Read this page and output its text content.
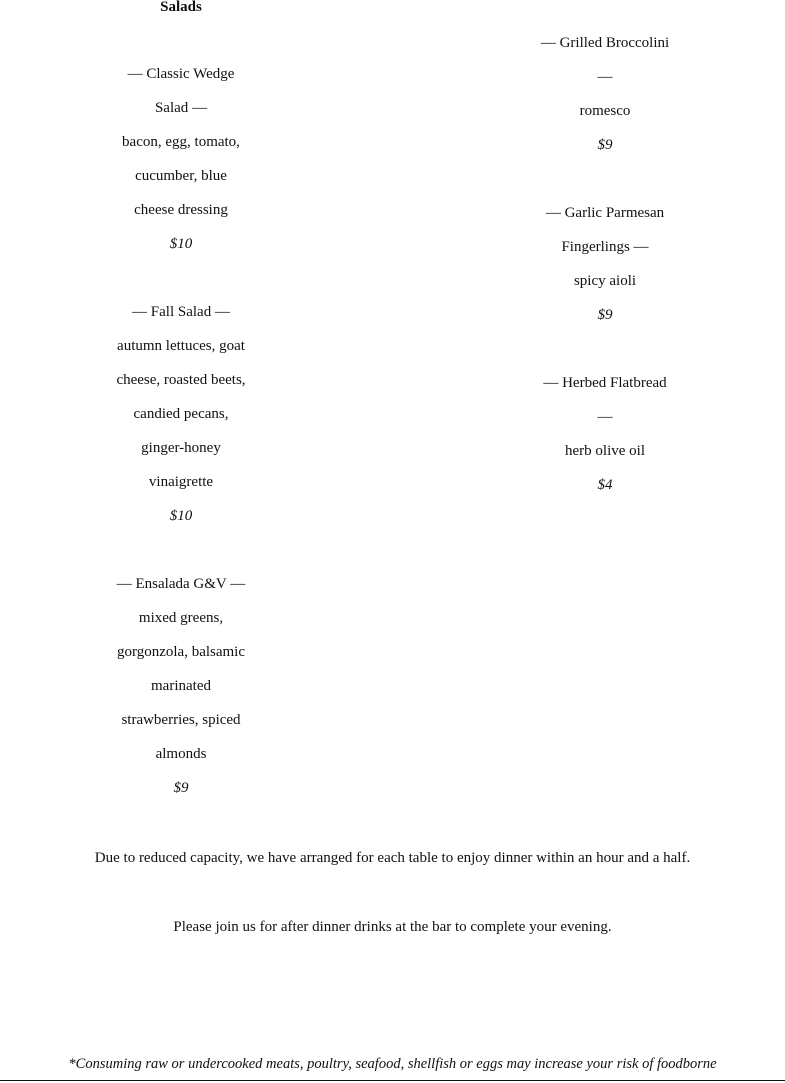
Salads
— Classic Wedge
Salad —
bacon, egg, tomato,
cucumber, blue
cheese dressing
$10
— Fall Salad —
autumn lettuces, goat
cheese, roasted beets,
candied pecans,
ginger-honey
vinaigrette
$10
— Ensalada G&V —
mixed greens,
gorgonzola, balsamic
marinated
strawberries, spiced
almonds
$9
— Grilled Broccolini
—
romesco
$9
— Garlic Parmesan
Fingerlings —
spicy aioli
$9
— Herbed Flatbread
—
herb olive oil
$4
Due to reduced capacity, we have arranged for each table to enjoy dinner within an hour and a half.
Please join us for after dinner drinks at the bar to complete your evening.
*Consuming raw or undercooked meats, poultry, seafood, shellfish or eggs may increase your risk of foodborne
